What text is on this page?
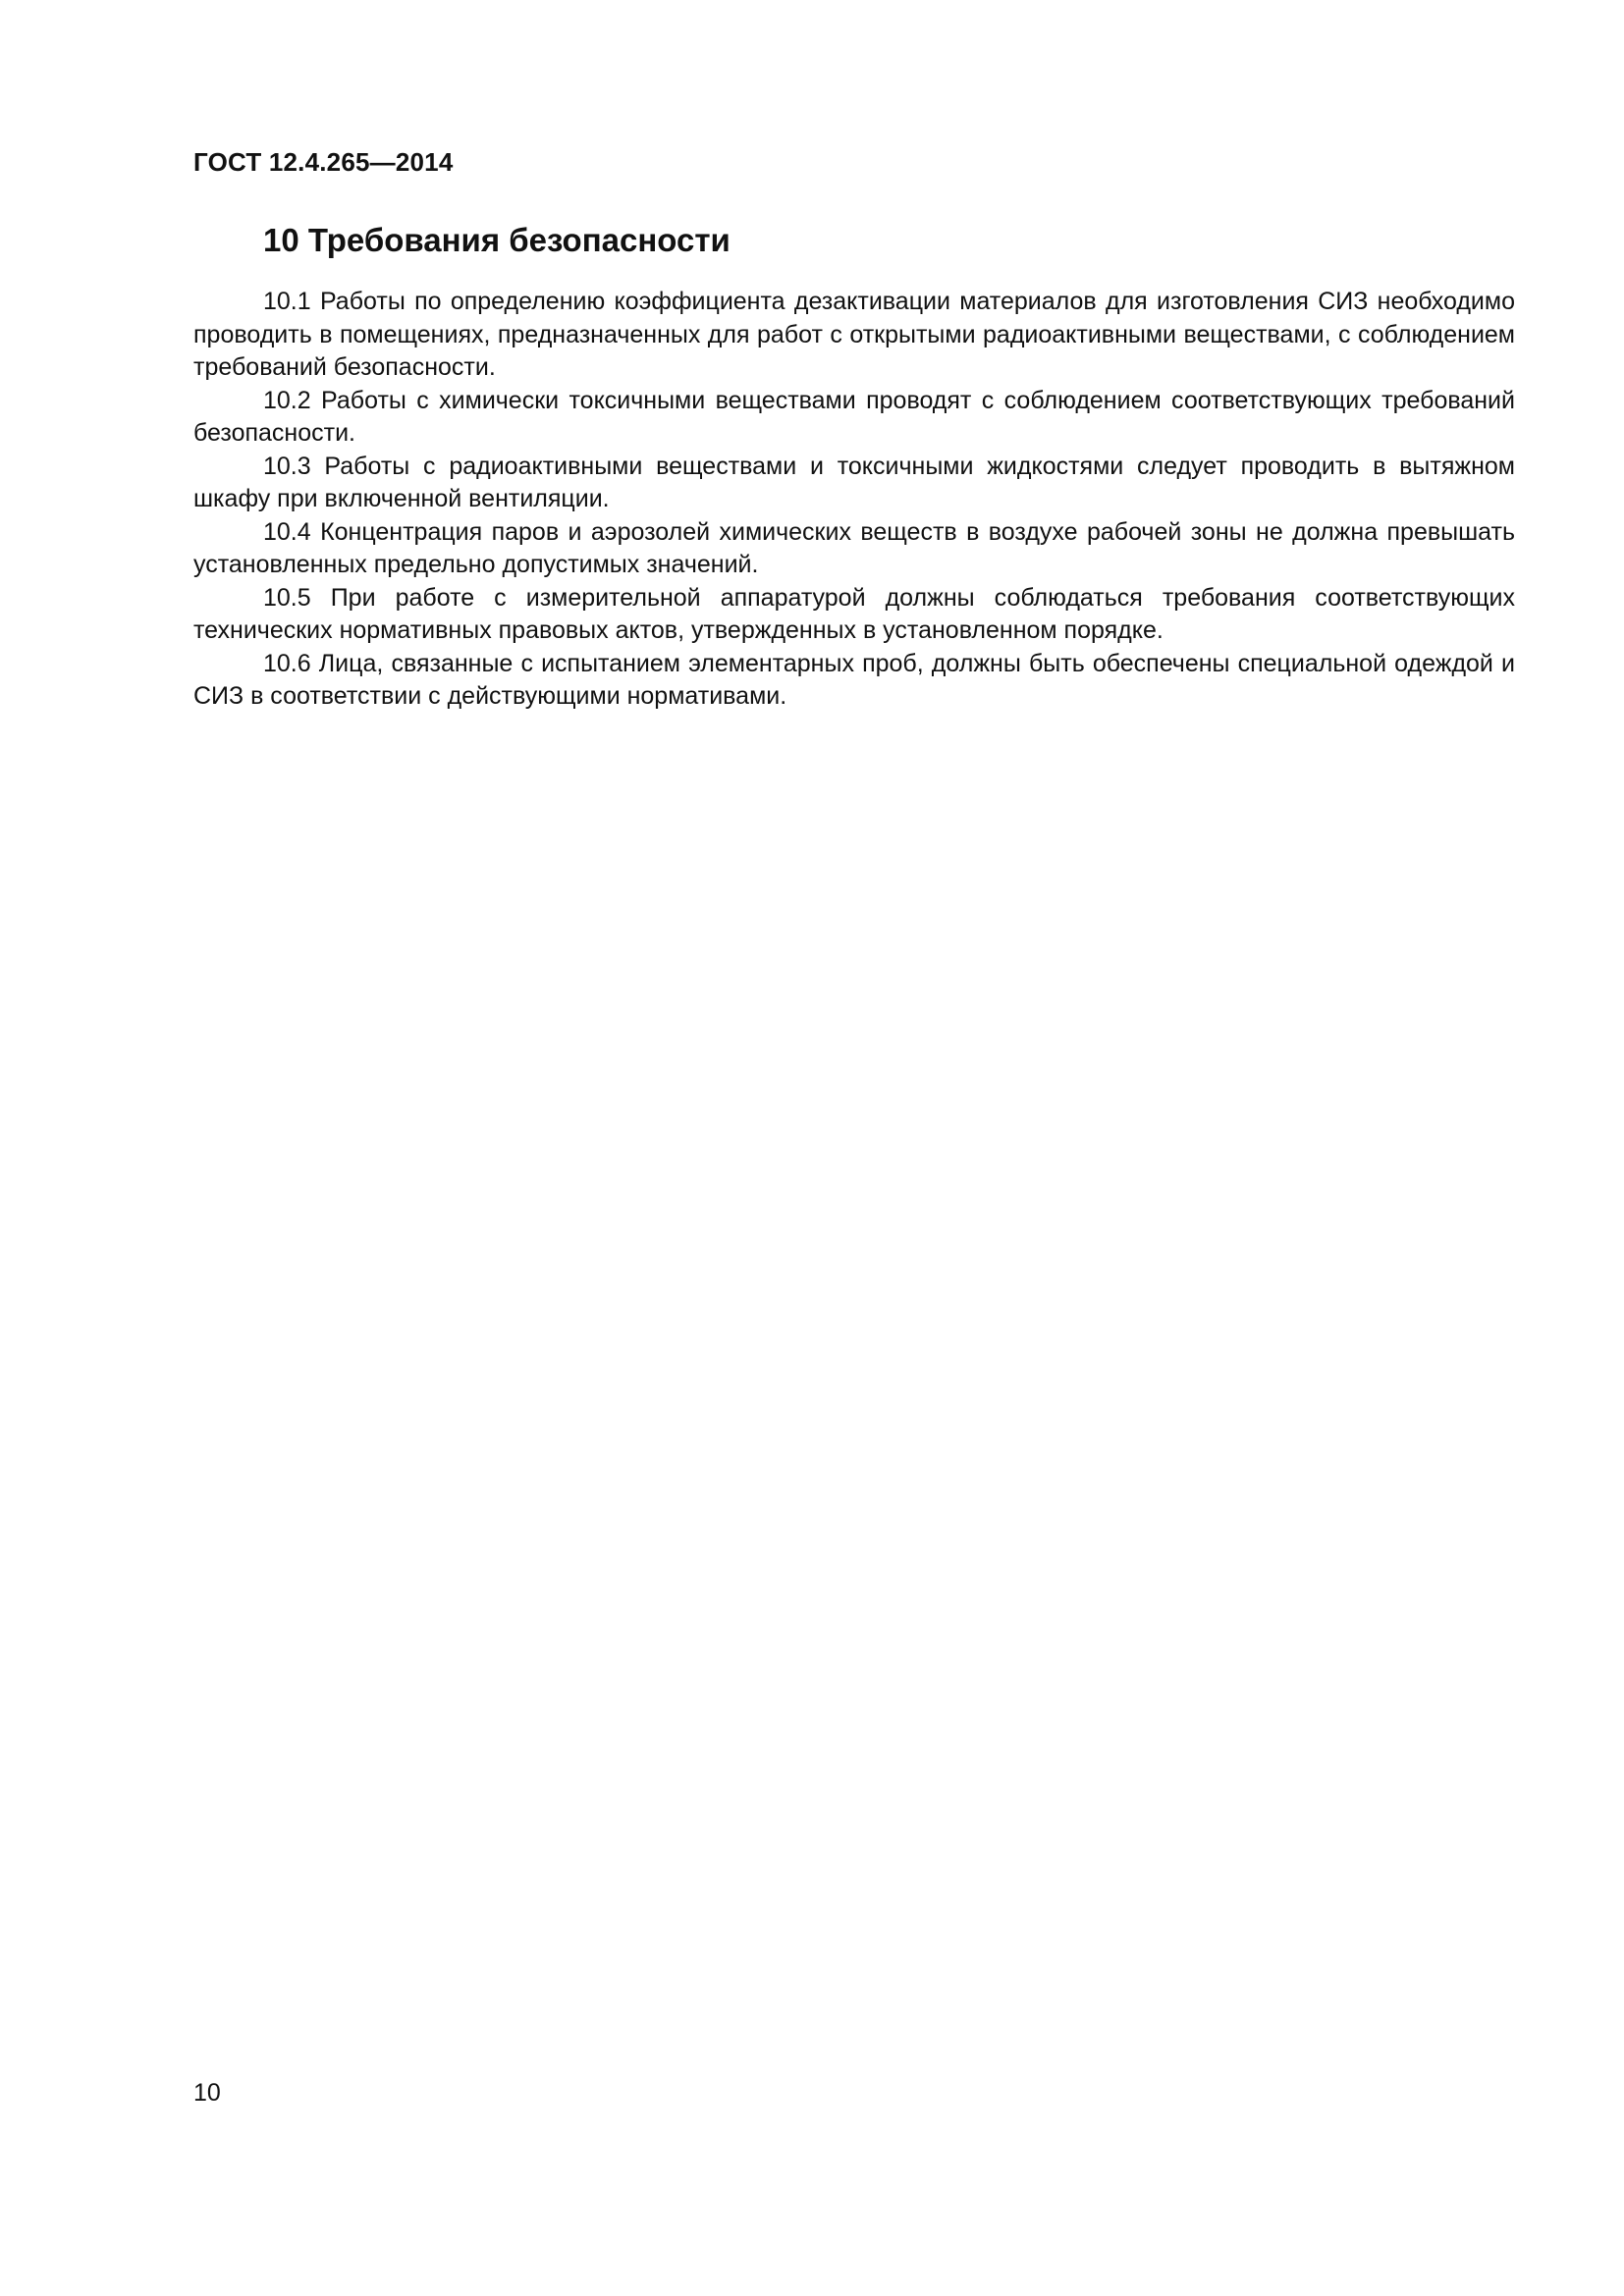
ГОСТ 12.4.265—2014
10 Требования безопасности

10.1 Работы по определению коэффициента дезактивации материалов для изготовления СИЗ необходимо проводить в помещениях, предназначенных для работ с открытыми радиоактивными веществами, с соблюдением требований безопасности.

10.2 Работы с химически токсичными веществами проводят с соблюдением соответствующих требований безопасности.

10.3 Работы с радиоактивными веществами и токсичными жидкостями следует проводить в вытяжном шкафу при включенной вентиляции.

10.4 Концентрация паров и аэрозолей химических веществ в воздухе рабочей зоны не должна превышать установленных предельно допустимых значений.

10.5 При работе с измерительной аппаратурой должны соблюдаться требования соответствующих технических нормативных правовых актов, утвержденных в установленном порядке.

10.6 Лица, связанные с испытанием элементарных проб, должны быть обеспечены специальной одеждой и СИЗ в соответствии с действующими нормативами.

10
